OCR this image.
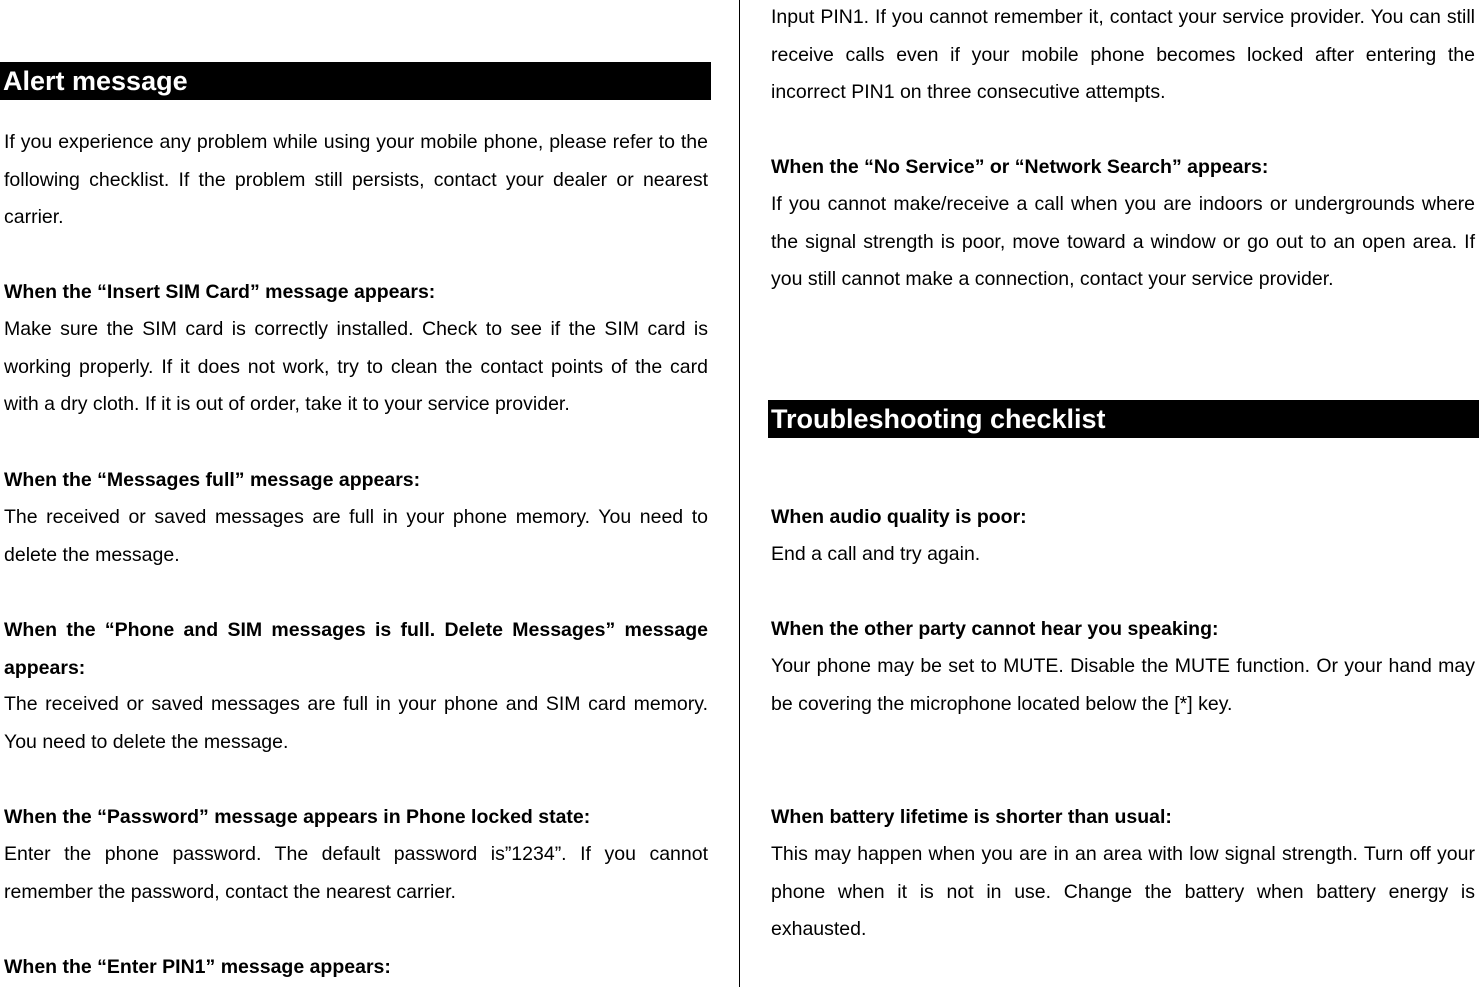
Alert message

If you experience any problem while using your mobile phone, please refer to the following checklist. If the problem still persists, contact your dealer or nearest carrier.

When the “Insert SIM Card” message appears:

Make sure the SIM card is correctly installed. Check to see if the SIM card is working properly. If it does not work, try to clean the contact points of the card with a dry cloth. If it is out of order, take it to your service provider.

When the “Messages full” message appears:

The received or saved messages are full in your phone memory. You need to delete the message.

When the “Phone and SIM messages is full. Delete Messages” message appears:

The received or saved messages are full in your phone and SIM card memory. You need to delete the message.

When the “Password” message appears in Phone locked state:

Enter the phone password. The default password is”1234”. If you cannot remember the password, contact the nearest carrier.

When the “Enter PIN1” message appears:

Input PIN1. If you cannot remember it, contact your service provider. You can still receive calls even if your mobile phone becomes locked after entering the incorrect PIN1 on three consecutive attempts.

When the “No Service” or “Network Search” appears:

If you cannot make/receive a call when you are indoors or undergrounds where the signal strength is poor, move toward a window or go out to an open area. If you still cannot make a connection, contact your service provider.

Troubleshooting checklist

When audio quality is poor:

End a call and try again.

When the other party cannot hear you speaking:

Your phone may be set to MUTE. Disable the MUTE function. Or your hand may be covering the microphone located below the [*] key.

When battery lifetime is shorter than usual:

This may happen when you are in an area with low signal strength. Turn off your phone when it is not in use. Change the battery when battery energy is exhausted.
